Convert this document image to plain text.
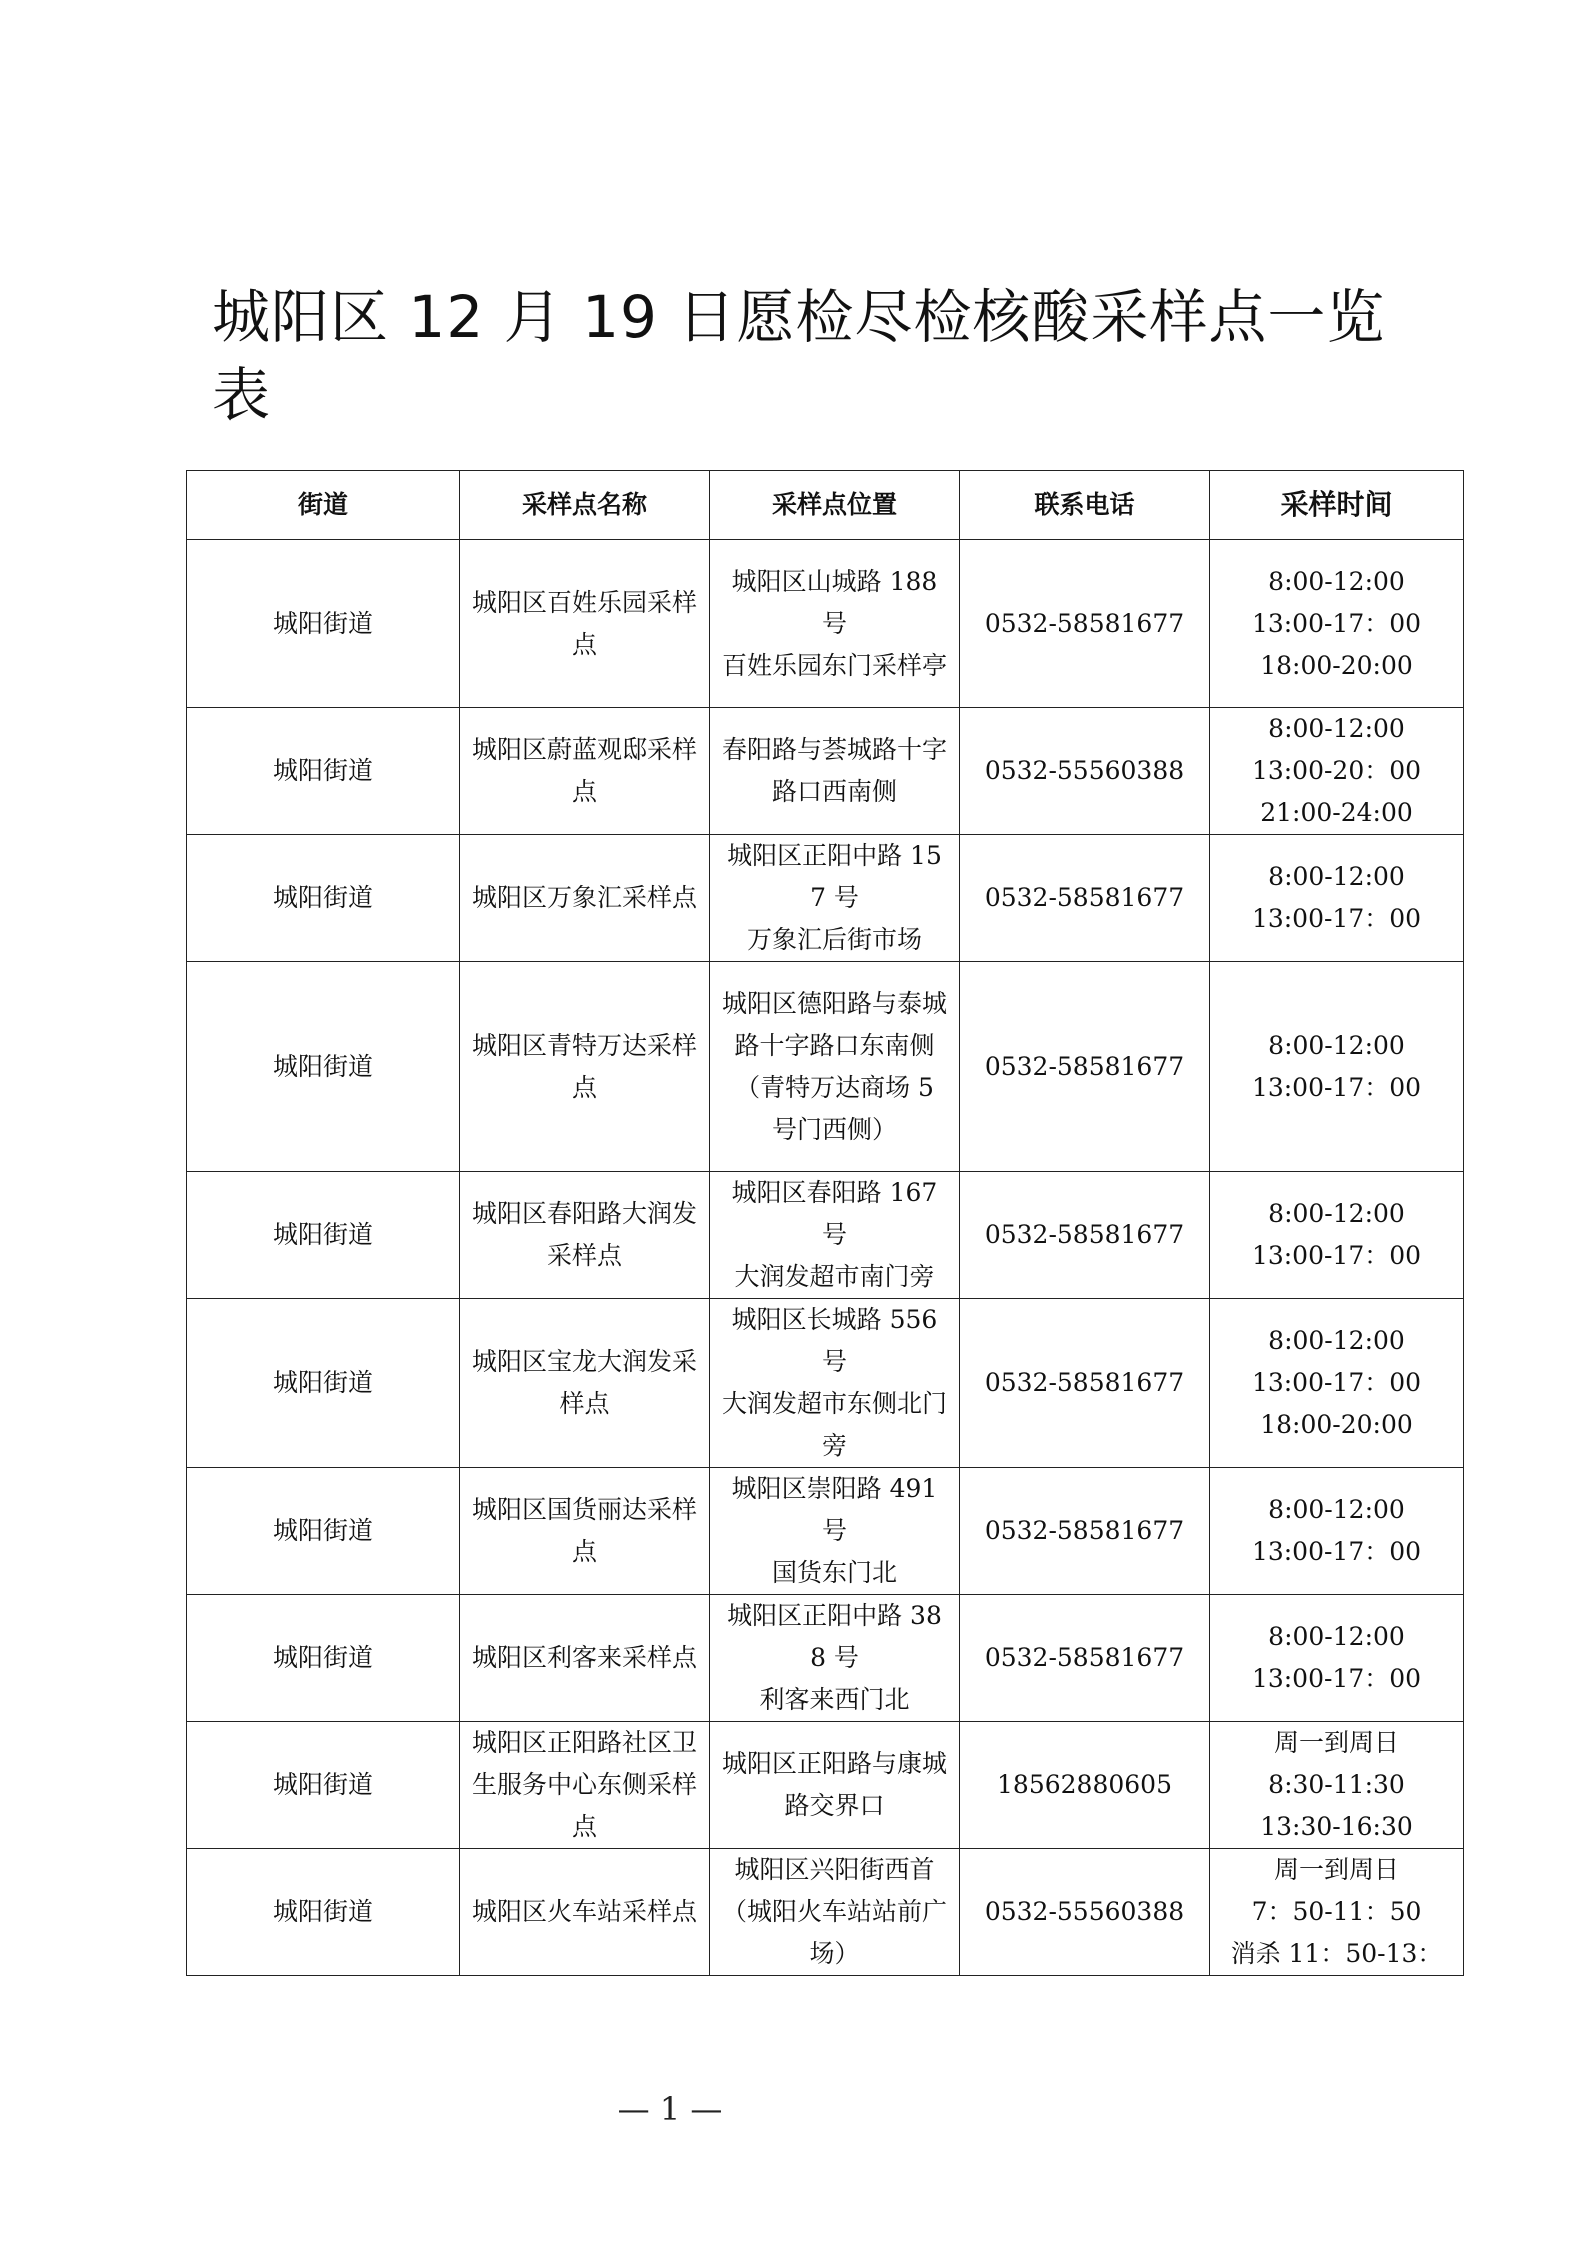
城阳区 12 月 19 日愿检尽检核酸采样点一览表
街道	采样点名称	采样点位置	联系电话	采样时间
城阳街道	城阳区百姓乐园采样点	城阳区山城路 188 号
百姓乐园东门采样亭	0532-58581677	8:00-12:00
13:00-17：00
18:00-20:00

城阳街道	城阳区蔚蓝观邸采样点	春阳路与荟城路十字路口西南侧	0532-55560388	8:00-12:00
13:00-20：00
21:00-24:00

城阳街道	城阳区万象汇采样点	城阳区正阳中路 157 号
万象汇后街市场	0532-58581677	8:00-12:00
13:00-17：00

城阳街道	城阳区青特万达采样点	城阳区德阳路与泰城路十字路口东南侧
（青特万达商场 5 号门西侧）	0532-58581677	8:00-12:00
13:00-17：00

城阳街道	城阳区春阳路大润发采样点	城阳区春阳路 167 号
大润发超市南门旁	0532-58581677	8:00-12:00
13:00-17：00

城阳街道	城阳区宝龙大润发采样点	城阳区长城路 556 号
大润发超市东侧北门旁	0532-58581677	8:00-12:00
13:00-17：00
18:00-20:00

城阳街道	城阳区国货丽达采样点	城阳区崇阳路 491 号
国货东门北	0532-58581677	8:00-12:00
13:00-17：00

城阳街道	城阳区利客来采样点	城阳区正阳中路 388 号
利客来西门北	0532-58581677	8:00-12:00
13:00-17：00

城阳街道	城阳区正阳路社区卫生服务中心东侧采样点	城阳区正阳路与康城路交界口	18562880605	周一到周日
8:30-11:30
13:30-16:30

城阳街道	城阳区火车站采样点	城阳区兴阳街西首
（城阳火车站站前广场）	0532-55560388	周一到周日
7：50-11：50
消杀 11：50-13：
— 1 —
